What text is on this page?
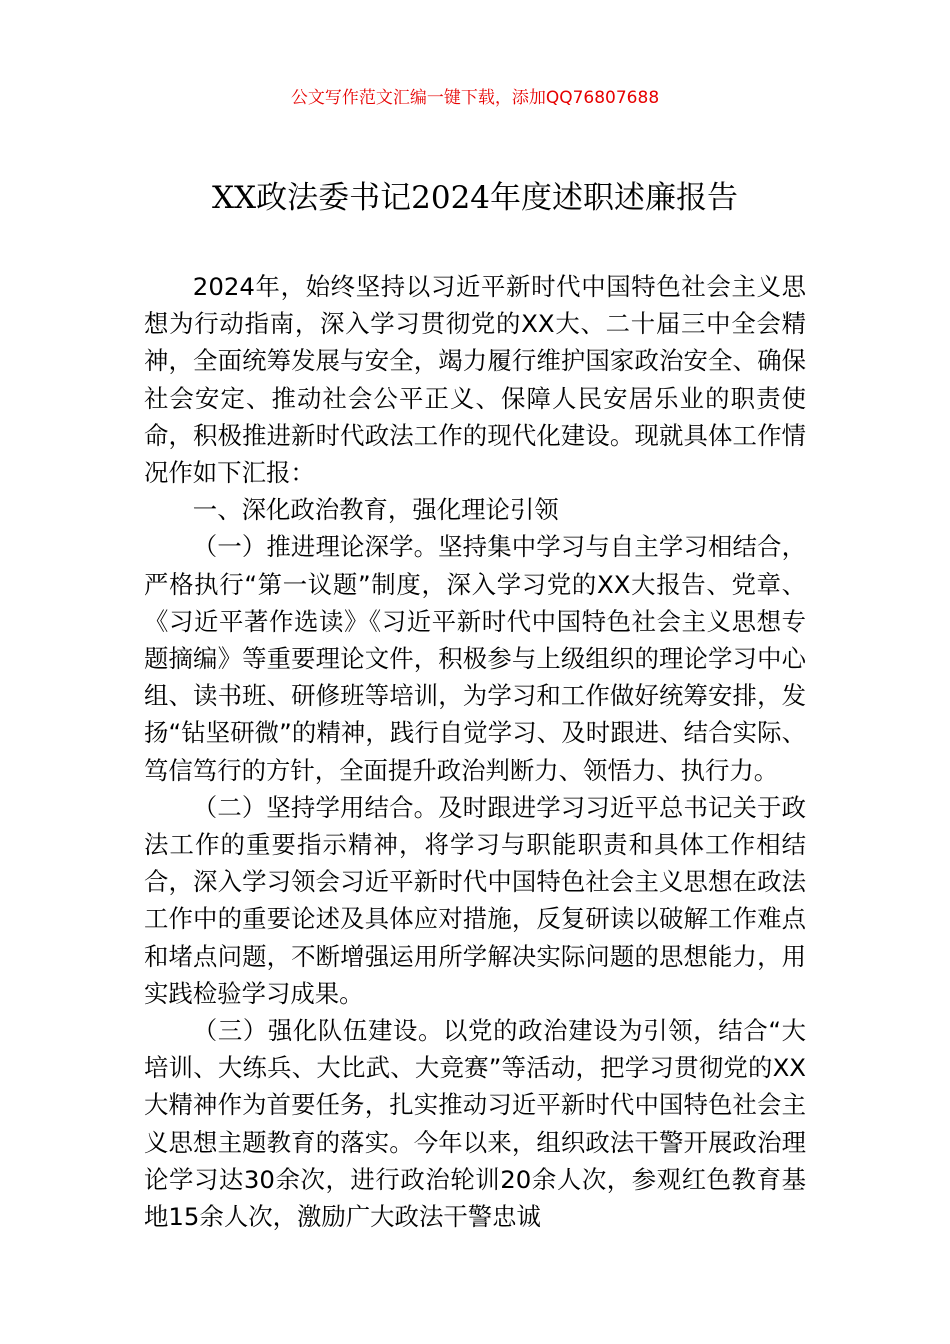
公文写作范文汇编一键下载，添加QQ76807688
XX政法委书记2024年度述职述廉报告

2024年，始终坚持以习近平新时代中国特色社会主义思想为行动指南，深入学习贯彻党的XX大、二十届三中全会精神，全面统筹发展与安全，竭力履行维护国家政治安全、确保社会安定、推动社会公平正义、保障人民安居乐业的职责使命，积极推进新时代政法工作的现代化建设。现就具体工作情况作如下汇报：

一、深化政治教育，强化理论引领

（一）推进理论深学。坚持集中学习与自主学习相结合，严格执行“第一议题”制度，深入学习党的XX大报告、党章、《习近平著作选读》《习近平新时代中国特色社会主义思想专题摘编》等重要理论文件，积极参与上级组织的理论学习中心组、读书班、研修班等培训，为学习和工作做好统筹安排，发扬“钻坚研微”的精神，践行自觉学习、及时跟进、结合实际、笃信笃行的方针，全面提升政治判断力、领悟力、执行力。

（二）坚持学用结合。及时跟进学习习近平总书记关于政法工作的重要指示精神，将学习与职能职责和具体工作相结合，深入学习领会习近平新时代中国特色社会主义思想在政法工作中的重要论述及具体应对措施，反复研读以破解工作难点和堵点问题，不断增强运用所学解决实际问题的思想能力，用实践检验学习成果。

（三）强化队伍建设。以党的政治建设为引领，结合“大培训、大练兵、大比武、大竞赛”等活动，把学习贯彻党的XX大精神作为首要任务，扎实推动习近平新时代中国特色社会主义思想主题教育的落实。今年以来，组织政法干警开展政治理论学习达30余次，进行政治轮训20余人次，参观红色教育基地15余人次，激励广大政法干警忠诚
